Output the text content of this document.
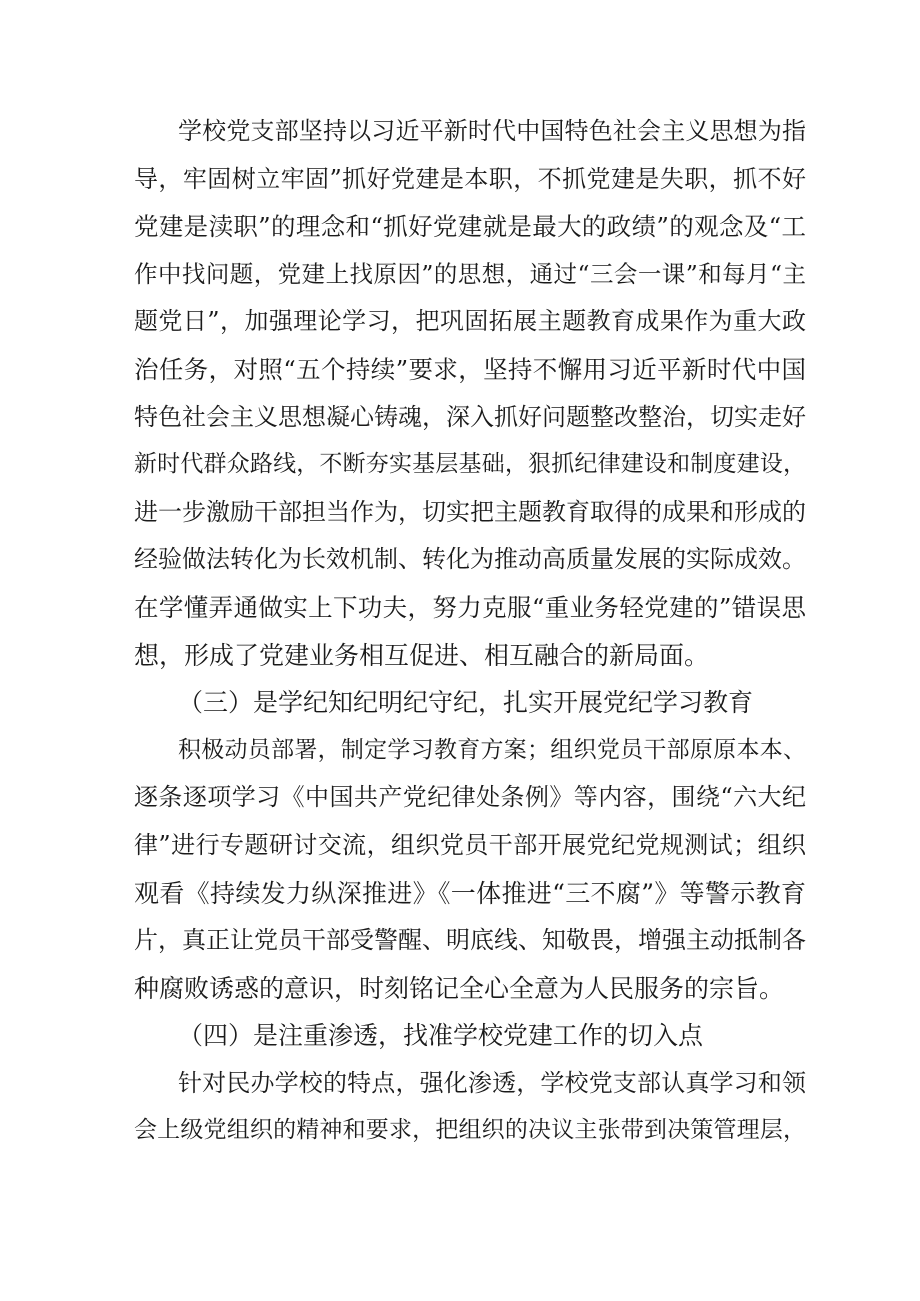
学校党支部坚持以习近平新时代中国特色社会主义思想为指
导，牢固树立牢固”抓好党建是本职，不抓党建是失职，抓不好
党建是渎职”的理念和“抓好党建就是最大的政绩”的观念及“工
作中找问题，党建上找原因”的思想，通过“三会一课”和每月“主
题党日”，加强理论学习，把巩固拓展主题教育成果作为重大政
治任务，对照“五个持续”要求，坚持不懈用习近平新时代中国
特色社会主义思想凝心铸魂，深入抓好问题整改整治，切实走好
新时代群众路线，不断夯实基层基础，狠抓纪律建设和制度建设，
进一步激励干部担当作为，切实把主题教育取得的成果和形成的
经验做法转化为长效机制、转化为推动高质量发展的实际成效。
在学懂弄通做实上下功夫，努力克服“重业务轻党建的”错误思
想，形成了党建业务相互促进、相互融合的新局面。
（三）是学纪知纪明纪守纪，扎实开展党纪学习教育
积极动员部署，制定学习教育方案；组织党员干部原原本本、
逐条逐项学习《中国共产党纪律处条例》等内容，围绕“六大纪
律”进行专题研讨交流，组织党员干部开展党纪党规测试；组织
观看《持续发力纵深推进》《一体推进“三不腐”》等警示教育
片，真正让党员干部受警醒、明底线、知敬畏，增强主动抵制各
种腐败诱惑的意识，时刻铭记全心全意为人民服务的宗旨。
（四）是注重渗透，找准学校党建工作的切入点
针对民办学校的特点，强化渗透，学校党支部认真学习和领
会上级党组织的精神和要求，把组织的决议主张带到决策管理层，
